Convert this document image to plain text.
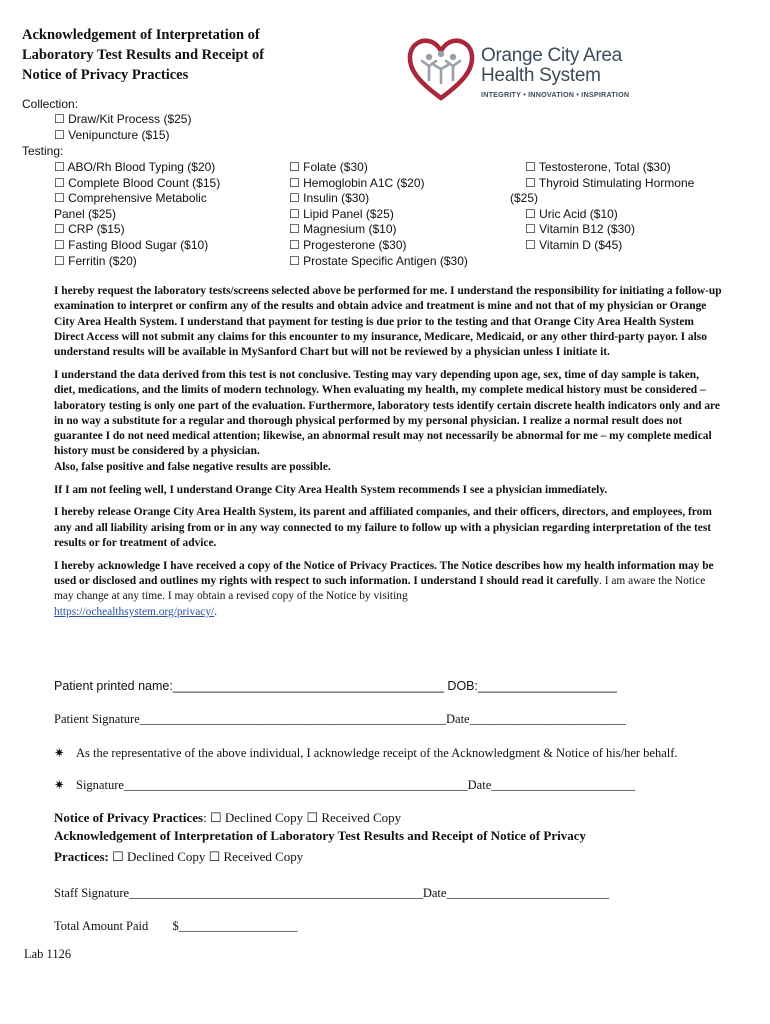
Acknowledgement of Interpretation of
Laboratory Test Results and Receipt of
Notice of Privacy Practices
Orange City Area
Health System
INTEGRITY • INNOVATION • INSPIRATION
Collection:
☐ Draw/Kit Process ($25)
☐ Venipuncture ($15)
Testing:
☐ ABO/Rh Blood Typing ($20)
☐ Complete Blood Count ($15)
☐ Comprehensive Metabolic
Panel ($25)
☐ CRP ($15)
☐ Fasting Blood Sugar ($10)
☐ Ferritin ($20)
☐ Folate ($30)
☐ Hemoglobin A1C ($20)
☐ Insulin ($30)
☐ Lipid Panel ($25)
☐ Magnesium ($10)
☐ Progesterone ($30)
☐ Prostate Specific Antigen ($30)
☐ Testosterone, Total ($30)
☐ Thyroid Stimulating Hormone
($25)
☐ Uric Acid ($10)
☐ Vitamin B12 ($30)
☐ Vitamin D ($45)

I hereby request the laboratory tests/screens selected above be performed for me. I understand the responsibility for initiating a follow-up examination to interpret or confirm any of the results and obtain advice and treatment is mine and not that of my physician or Orange City Area Health System. I understand that payment for testing is due prior to the testing and that Orange City Area Health System Direct Access will not submit any claims for this encounter to my insurance, Medicare, Medicaid, or any other third-party payor. I also understand results will be available in MySanford Chart but will not be reviewed by a physician unless I initiate it.

I understand the data derived from this test is not conclusive. Testing may vary depending upon age, sex, time of day sample is taken, diet, medications, and the limits of modern technology. When evaluating my health, my complete medical history must be considered – laboratory testing is only one part of the evaluation. Furthermore, laboratory tests identify certain discrete health indicators only and are in no way a substitute for a regular and thorough physical performed by my personal physician. I realize a normal result does not guarantee I do not need medical attention; likewise, an abnormal result may not necessarily be abnormal for me – my complete medical history must be considered by a physician.
Also, false positive and false negative results are possible.

If I am not feeling well, I understand Orange City Area Health System recommends I see a physician immediately.

I hereby release Orange City Area Health System, its parent and affiliated companies, and their officers, directors, and employees, from any and all liability arising from or in any way connected to my failure to follow up with a physician regarding interpretation of the test results or for treatment of advice.

I hereby acknowledge I have received a copy of the Notice of Privacy Practices. The Notice describes how my health information may be used or disclosed and outlines my rights with respect to such information. I understand I should read it carefully. I am aware the Notice may change at any time. I may obtain a revised copy of the Notice by visiting
https://ochealthsystem.org/privacy/.

Patient printed name:_______________________________________ DOB:____________________
Patient Signature_________________________________________________Date_________________________
✷ As the representative of the above individual, I acknowledge receipt of the Acknowledgment & Notice of his/her behalf.
✷ Signature_______________________________________________________Date_______________________
Notice of Privacy Practices: ☐ Declined Copy ☐ Received Copy
Acknowledgement of Interpretation of Laboratory Test Results and Receipt of Notice of Privacy
Practices: ☐ Declined Copy ☐ Received Copy
Staff Signature_______________________________________________Date__________________________
Total Amount Paid $___________________
Lab 1126
